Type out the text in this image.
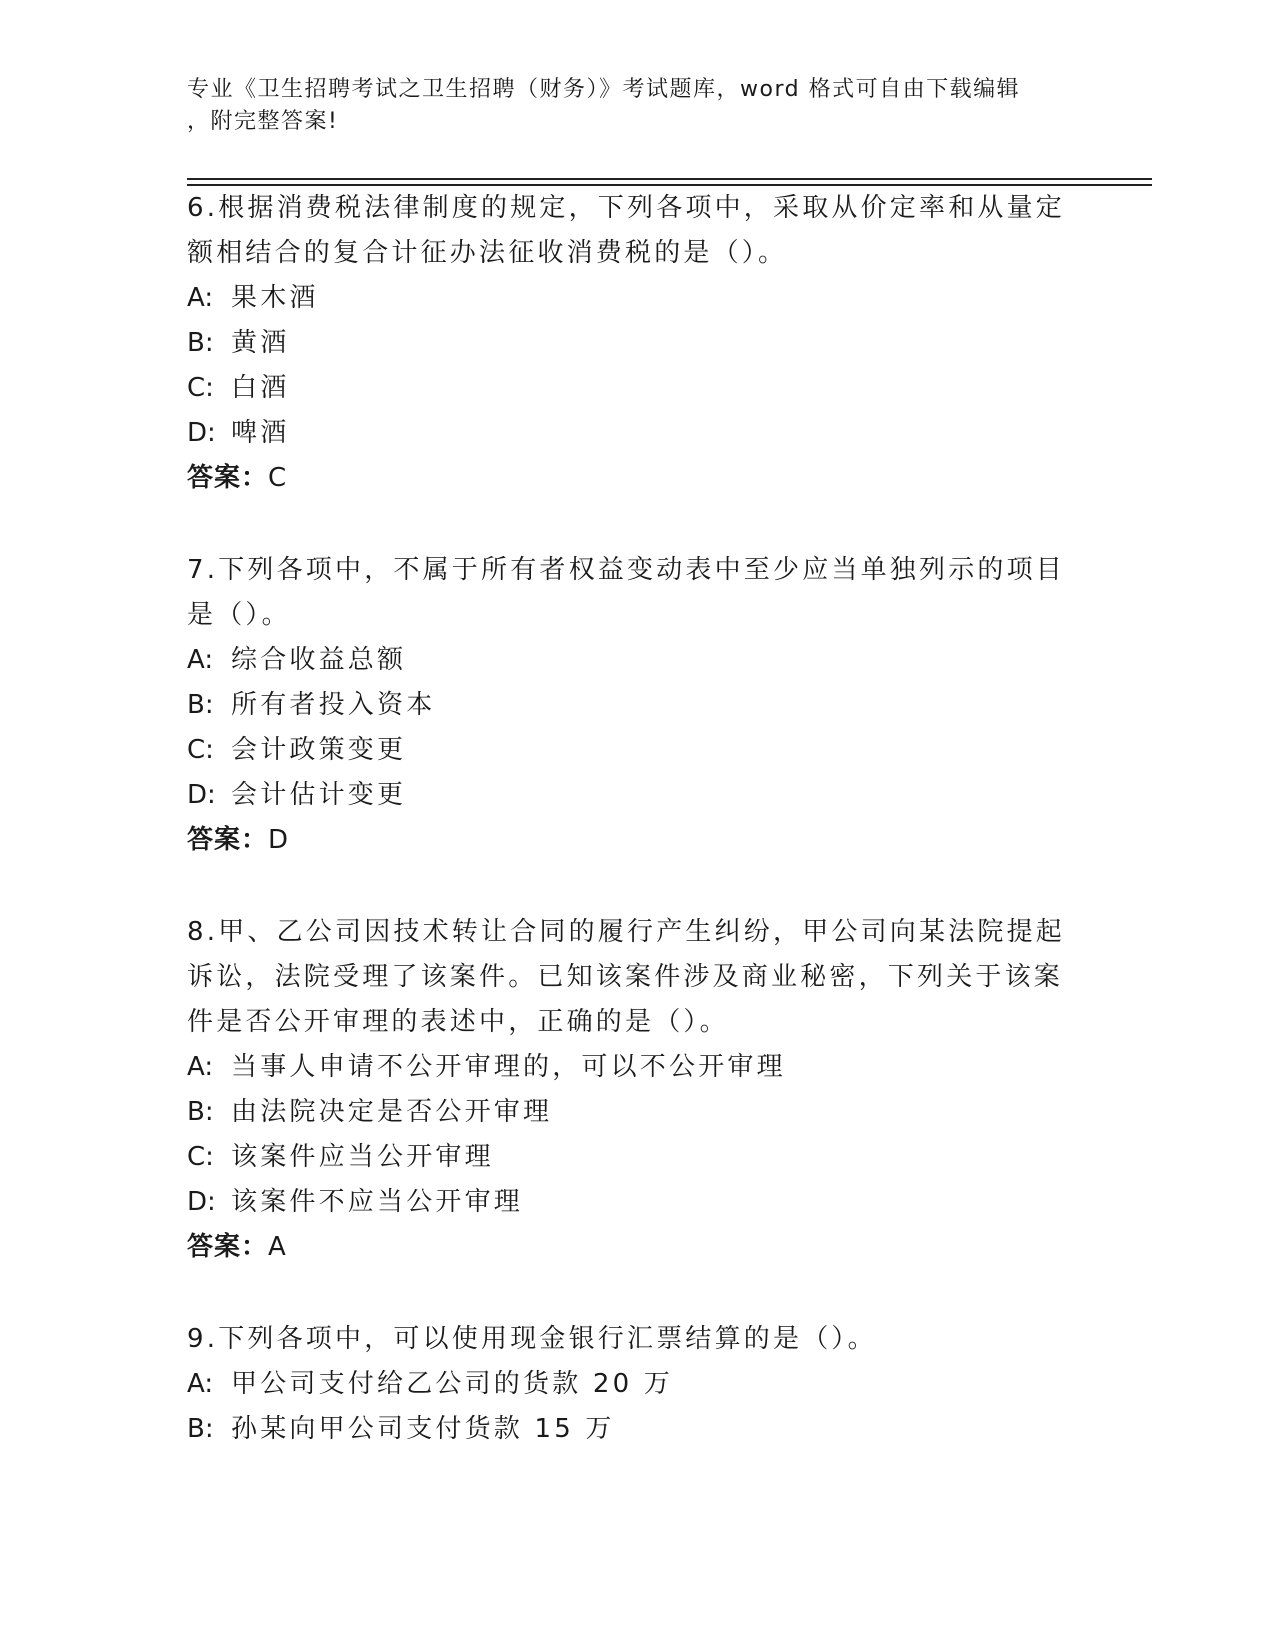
专业《卫生招聘考试之卫生招聘（财务）》考试题库，word 格式可自由下载编辑
，附完整答案!

6.根据消费税法律制度的规定，下列各项中，采取从价定率和从量定额相结合的复合计征办法征收消费税的是（）。

A: 果木酒

B: 黄酒

C: 白酒

D: 啤酒

答案：C

7.下列各项中，不属于所有者权益变动表中至少应当单独列示的项目是（）。

A: 综合收益总额

B: 所有者投入资本

C: 会计政策变更

D: 会计估计变更

答案：D

8.甲、乙公司因技术转让合同的履行产生纠纷，甲公司向某法院提起诉讼，法院受理了该案件。已知该案件涉及商业秘密，下列关于该案件是否公开审理的表述中，正确的是（）。

A: 当事人申请不公开审理的，可以不公开审理

B: 由法院决定是否公开审理

C: 该案件应当公开审理

D: 该案件不应当公开审理

答案：A

9.下列各项中，可以使用现金银行汇票结算的是（）。

A: 甲公司支付给乙公司的货款 20 万

B: 孙某向甲公司支付货款 15 万
